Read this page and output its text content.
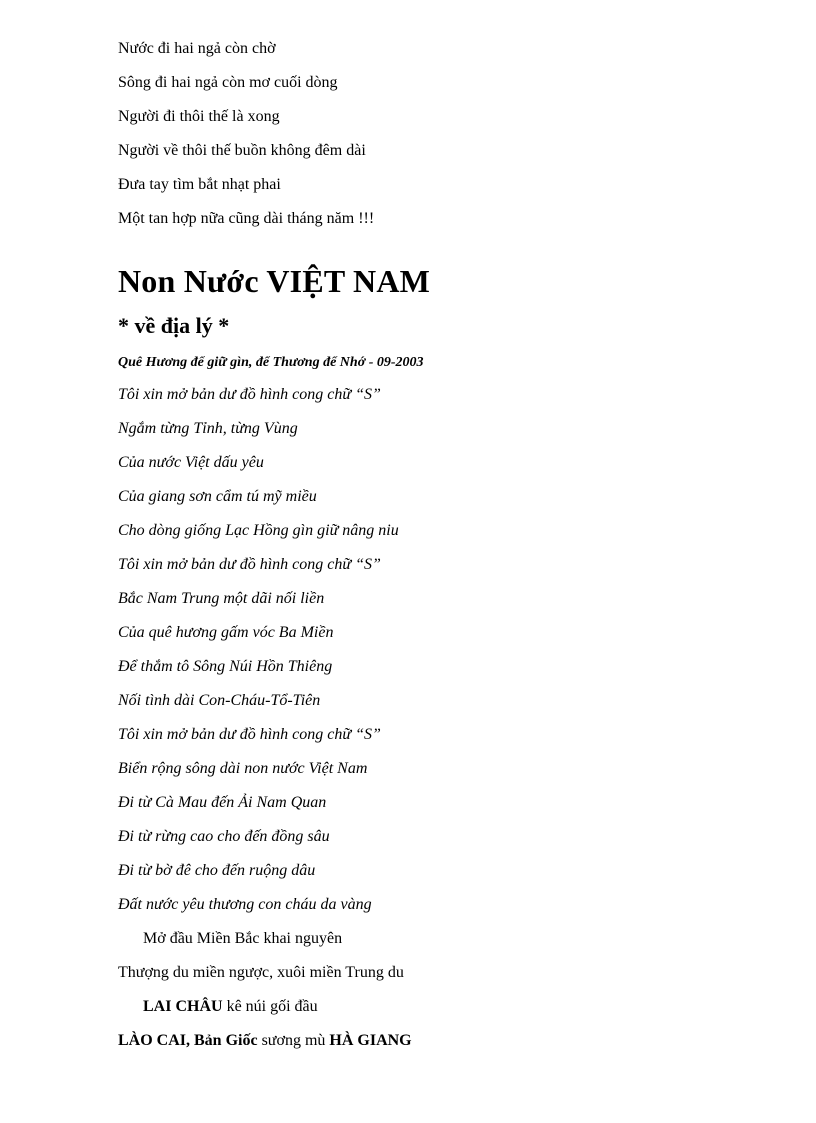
Nước đi hai ngả còn chờ

Sông đi hai ngả còn mơ cuối dòng

Người đi thôi thế là xong

Người về thôi thế buồn không đêm dài

Đưa tay tìm bắt nhạt phai

Một tan hợp nữa cũng dài tháng năm !!!

Non Nước VIỆT NAM
* về địa lý *

Quê Hương để giữ gìn, để Thương để Nhớ - 09-2003

Tôi xin mở bản dư đồ hình cong chữ “S”

Ngắm từng Tỉnh, từng Vùng

Của nước Việt dấu yêu

Của giang sơn cẩm tú mỹ miều

Cho dòng giống Lạc Hồng gìn giữ nâng niu

Tôi xin mở bản dư đồ hình cong chữ “S”

Bắc Nam Trung một dãi nối liền

Của quê hương gấm vóc Ba Miền

Để thắm tô Sông Núi Hồn Thiêng

Nối tình dài Con-Cháu-Tổ-Tiên

Tôi xin mở bản dư đồ hình cong chữ “S”

Biển rộng sông dài non nước Việt Nam

Đi từ Cà Mau đến Ải Nam Quan

Đi từ rừng cao cho đến đồng sâu

Đi từ bờ đê cho đến ruộng dâu

Đất nước yêu thương con cháu da vàng

Mở đầu Miền Bắc khai nguyên

Thượng du miền ngược, xuôi miền Trung du

LAI CHÂU kê núi gối đầu

LÀO CAI, Bản Giốc sương mù HÀ GIANG
